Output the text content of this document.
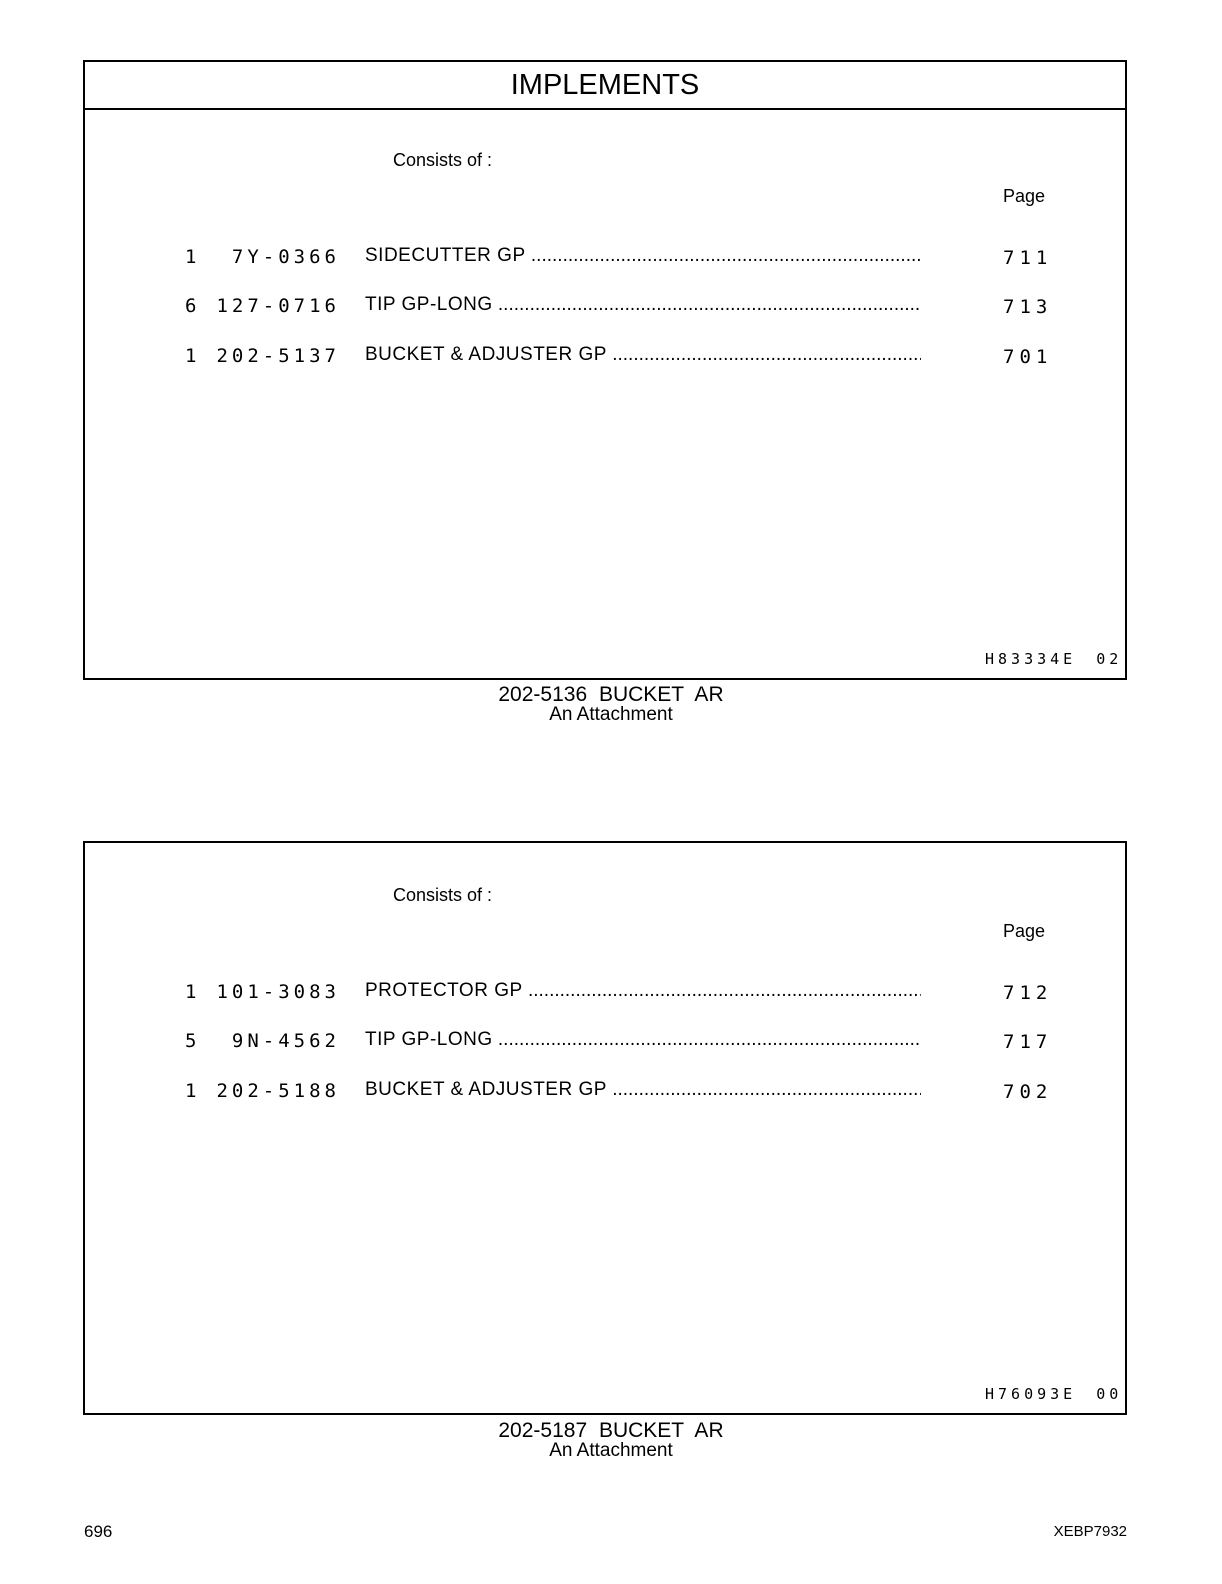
IMPLEMENTS
Consists of :
Page
1 7Y-0366 SIDECUTTER GP .....	711
6 127-0716 TIP GP-LONG .....	713
1 202-5137 BUCKET & ADJUSTER GP .....	701
H83334E 02
202-5136 BUCKET AR
An Attachment
Consists of :
Page
1 101-3083 PROTECTOR GP .....	712
5 9N-4562 TIP GP-LONG .....	717
1 202-5188 BUCKET & ADJUSTER GP .....	702
H76093E 00
202-5187 BUCKET AR
An Attachment
696	XEBP7932
